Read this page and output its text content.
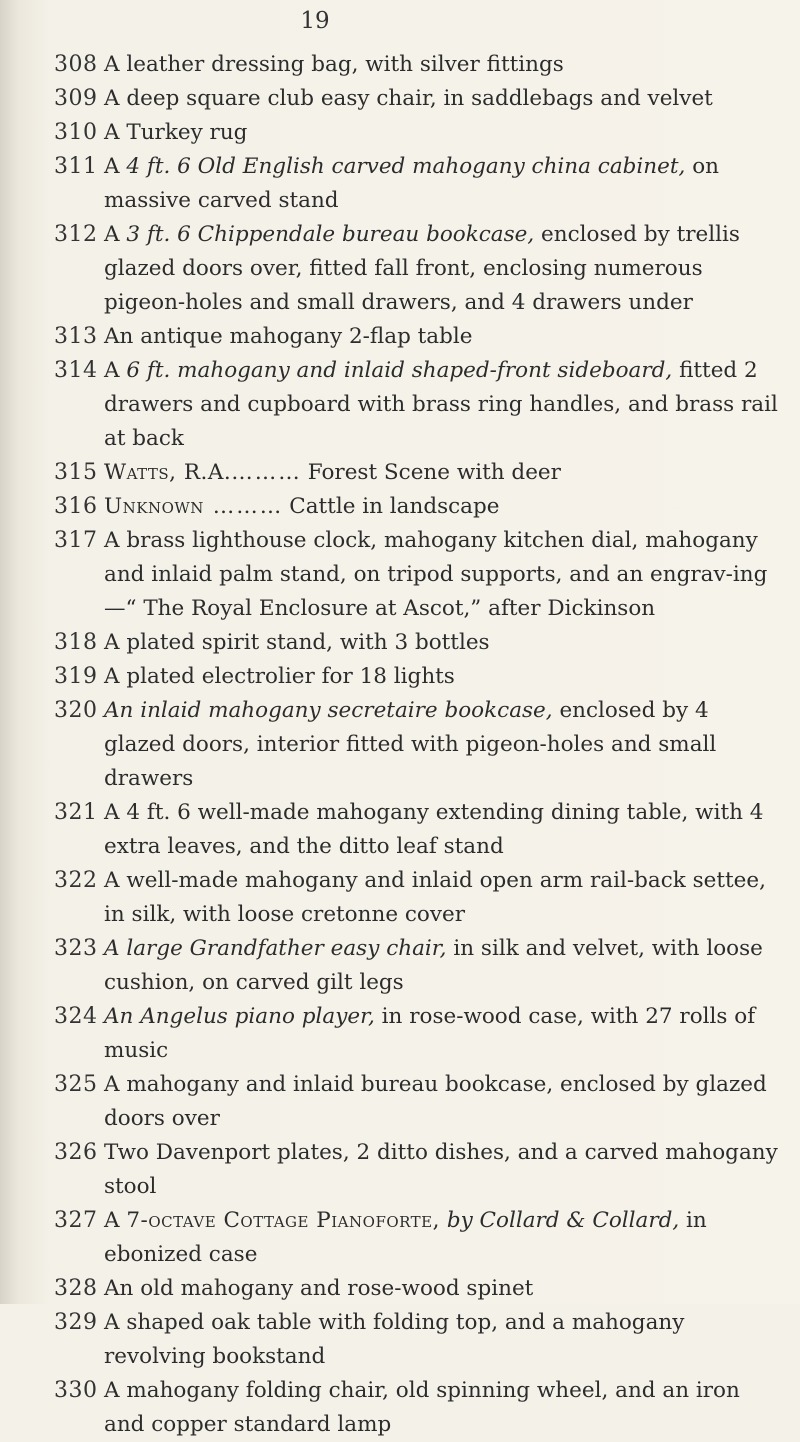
19
308 A leather dressing bag, with silver fittings
309 A deep square club easy chair, in saddlebags and velvet
310 A Turkey rug
311 A 4 ft. 6 Old English carved mahogany china cabinet, on massive carved stand
312 A 3 ft. 6 Chippendale bureau bookcase, enclosed by trellis glazed doors over, fitted fall front, enclosing numerous pigeon-holes and small drawers, and 4 drawers under
313 An antique mahogany 2-flap table
314 A 6 ft. mahogany and inlaid shaped-front sideboard, fitted 2 drawers and cupboard with brass ring handles, and brass rail at back
315 Watts, R.A.……… Forest Scene with deer
316 Unknown ……… Cattle in landscape
317 A brass lighthouse clock, mahogany kitchen dial, mahogany and inlaid palm stand, on tripod supports, and an engrav-ing—“ The Royal Enclosure at Ascot,” after Dickinson
318 A plated spirit stand, with 3 bottles
319 A plated electrolier for 18 lights
320 An inlaid mahogany secretaire bookcase, enclosed by 4 glazed doors, interior fitted with pigeon-holes and small drawers
321 A 4 ft. 6 well-made mahogany extending dining table, with 4 extra leaves, and the ditto leaf stand
322 A well-made mahogany and inlaid open arm rail-back settee, in silk, with loose cretonne cover
323 A large Grandfather easy chair, in silk and velvet, with loose cushion, on carved gilt legs
324 An Angelus piano player, in rose-wood case, with 27 rolls of music
325 A mahogany and inlaid bureau bookcase, enclosed by glazed doors over
326 Two Davenport plates, 2 ditto dishes, and a carved mahogany stool
327 A 7-octave Cottage Pianoforte, by Collard & Collard, in ebonized case
328 An old mahogany and rose-wood spinet
329 A shaped oak table with folding top, and a mahogany revolving bookstand
330 A mahogany folding chair, old spinning wheel, and an iron and copper standard lamp
